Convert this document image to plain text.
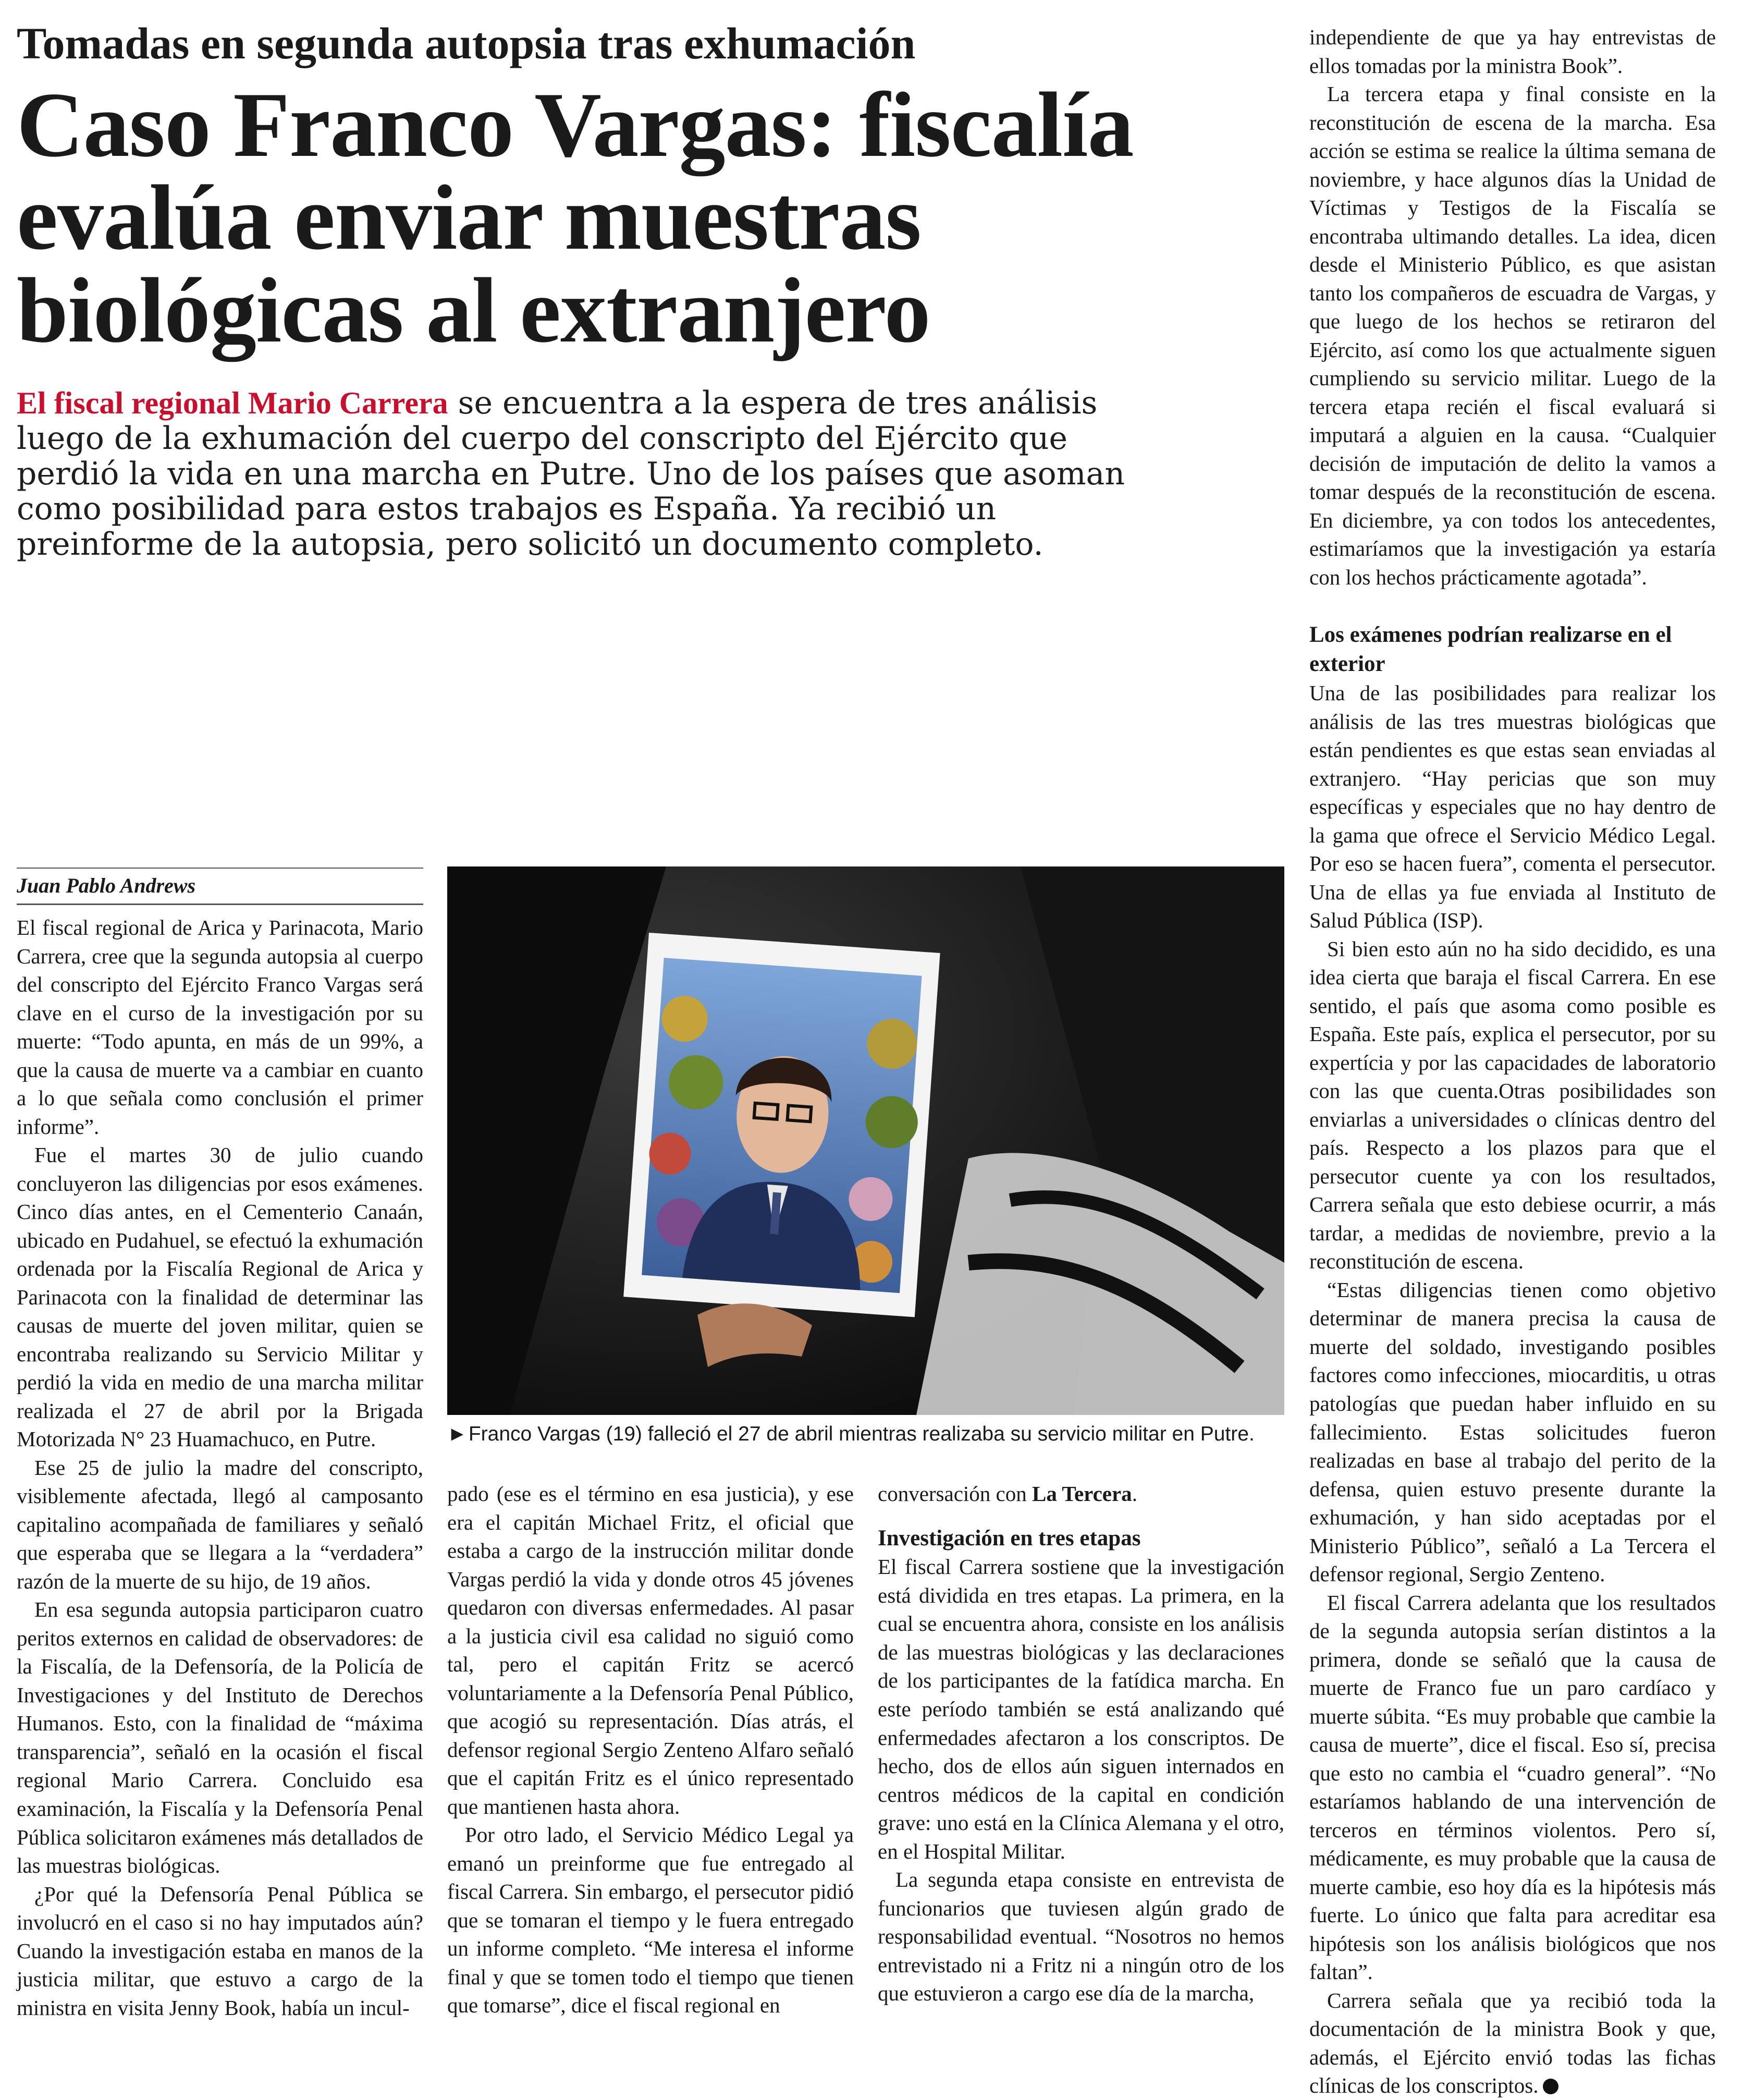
Tomadas en segunda autopsia tras exhumación
Caso Franco Vargas: fiscalía
evalúa enviar muestras
biológicas al extranjero
El fiscal regional Mario Carrera se encuentra a la espera de tres análisis luego de la exhumación del cuerpo del conscripto del Ejército que perdió la vida en una marcha en Putre. Uno de los países que asoman como posibilidad para estos trabajos es España. Ya recibió un preinforme de la autopsia, pero solicitó un documento completo.
Juan Pablo Andrews

El fiscal regional de Arica y Parinacota, Mario Carrera, cree que la segunda autopsia al cuerpo del conscripto del Ejército Franco Vargas será clave en el curso de la investigación por su muerte: “Todo apunta, en más de un 99%, a que la causa de muerte va a cambiar en cuanto a lo que señala como conclusión el primer informe”.

Fue el martes 30 de julio cuando concluyeron las diligencias por esos exámenes. Cinco días antes, en el Cementerio Canaán, ubicado en Pudahuel, se efectuó la exhumación ordenada por la Fiscalía Regional de Arica y Parinacota con la finalidad de determinar las causas de muerte del joven militar, quien se encontraba realizando su Servicio Militar y perdió la vida en medio de una marcha militar realizada el 27 de abril por la Brigada Motorizada N° 23 Huamachuco, en Putre.

Ese 25 de julio la madre del conscripto, visiblemente afectada, llegó al camposanto capitalino acompañada de familiares y señaló que esperaba que se llegara a la “verdadera” razón de la muerte de su hijo, de 19 años.

En esa segunda autopsia participaron cuatro peritos externos en calidad de observadores: de la Fiscalía, de la Defensoría, de la Policía de Investigaciones y del Instituto de Derechos Humanos. Esto, con la finalidad de “máxima transparencia”, señaló en la ocasión el fiscal regional Mario Carrera. Concluido esa examinación, la Fiscalía y la Defensoría Penal Pública solicitaron exámenes más detallados de las muestras biológicas.

¿Por qué la Defensoría Penal Pública se involucró en el caso si no hay imputados aún? Cuando la investigación estaba en manos de la justicia militar, que estuvo a cargo de la ministra en visita Jenny Book, había un incul-

► Franco Vargas (19) falleció el 27 de abril mientras realizaba su servicio militar en Putre.

pado (ese es el término en esa justicia), y ese era el capitán Michael Fritz, el oficial que estaba a cargo de la instrucción militar donde Vargas perdió la vida y donde otros 45 jóvenes quedaron con diversas enfermedades. Al pasar a la justicia civil esa calidad no siguió como tal, pero el capitán Fritz se acercó voluntariamente a la Defensoría Penal Público, que acogió su representación. Días atrás, el defensor regional Sergio Zenteno Alfaro señaló que el capitán Fritz es el único representado que mantienen hasta ahora.

Por otro lado, el Servicio Médico Legal ya emanó un preinforme que fue entregado al fiscal Carrera. Sin embargo, el persecutor pidió que se tomaran el tiempo y le fuera entregado un informe completo. “Me interesa el informe final y que se tomen todo el tiempo que tienen que tomarse”, dice el fiscal regional en

conversación con La Tercera.

Investigación en tres etapas

El fiscal Carrera sostiene que la investigación está dividida en tres etapas. La primera, en la cual se encuentra ahora, consiste en los análisis de las muestras biológicas y las declaraciones de los participantes de la fatídica marcha. En este período también se está analizando qué enfermedades afectaron a los conscriptos. De hecho, dos de ellos aún siguen internados en centros médicos de la capital en condición grave: uno está en la Clínica Alemana y el otro, en el Hospital Militar.

La segunda etapa consiste en entrevista de funcionarios que tuviesen algún grado de responsabilidad eventual. “Nosotros no hemos entrevistado ni a Fritz ni a ningún otro de los que estuvieron a cargo ese día de la marcha,

independiente de que ya hay entrevistas de ellos tomadas por la ministra Book”.

La tercera etapa y final consiste en la reconstitución de escena de la marcha. Esa acción se estima se realice la última semana de noviembre, y hace algunos días la Unidad de Víctimas y Testigos de la Fiscalía se encontraba ultimando detalles. La idea, dicen desde el Ministerio Público, es que asistan tanto los compañeros de escuadra de Vargas, y que luego de los hechos se retiraron del Ejército, así como los que actualmente siguen cumpliendo su servicio militar. Luego de la tercera etapa recién el fiscal evaluará si imputará a alguien en la causa. “Cualquier decisión de imputación de delito la vamos a tomar después de la reconstitución de escena. En diciembre, ya con todos los antecedentes, estimaríamos que la investigación ya estaría con los hechos prácticamente agotada”.

Los exámenes podrían realizarse en el exterior

Una de las posibilidades para realizar los análisis de las tres muestras biológicas que están pendientes es que estas sean enviadas al extranjero. “Hay pericias que son muy específicas y especiales que no hay dentro de la gama que ofrece el Servicio Médico Legal. Por eso se hacen fuera”, comenta el persecutor. Una de ellas ya fue enviada al Instituto de Salud Pública (ISP).

Si bien esto aún no ha sido decidido, es una idea cierta que baraja el fiscal Carrera. En ese sentido, el país que asoma como posible es España. Este país, explica el persecutor, por su expertícia y por las capacidades de laboratorio con las que cuenta.Otras posibilidades son enviarlas a universidades o clínicas dentro del país. Respecto a los plazos para que el persecutor cuente ya con los resultados, Carrera señala que esto debiese ocurrir, a más tardar, a medidas de noviembre, previo a la reconstitución de escena.

“Estas diligencias tienen como objetivo determinar de manera precisa la causa de muerte del soldado, investigando posibles factores como infecciones, miocarditis, u otras patologías que puedan haber influido en su fallecimiento. Estas solicitudes fueron realizadas en base al trabajo del perito de la defensa, quien estuvo presente durante la exhumación, y han sido aceptadas por el Ministerio Público”, señaló a La Tercera el defensor regional, Sergio Zenteno.

El fiscal Carrera adelanta que los resultados de la segunda autopsia serían distintos a la primera, donde se señaló que la causa de muerte de Franco fue un paro cardíaco y muerte súbita. “Es muy probable que cambie la causa de muerte”, dice el fiscal. Eso sí, precisa que esto no cambia el “cuadro general”. “No estaríamos hablando de una intervención de terceros en términos violentos. Pero sí, médicamente, es muy probable que la causa de muerte cambie, eso hoy día es la hipótesis más fuerte. Lo único que falta para acreditar esa hipótesis son los análisis biológicos que nos faltan”.

Carrera señala que ya recibió toda la documentación de la ministra Book y que, además, el Ejército envió todas las fichas clínicas de los conscriptos.
